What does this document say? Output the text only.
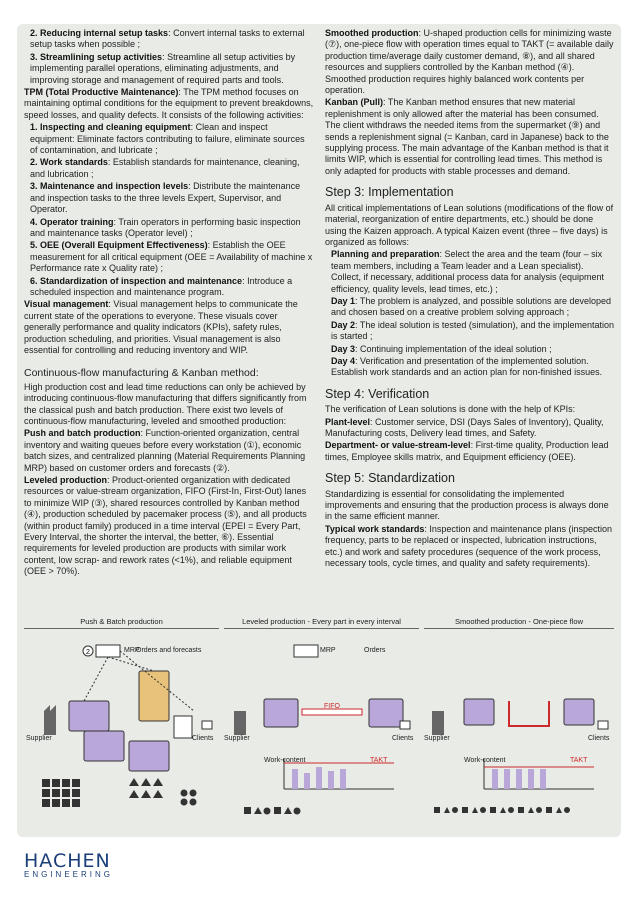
2. Reducing internal setup tasks: Convert internal tasks to external setup tasks when possible ;

3. Streamlining setup activities: Streamline all setup activities by implementing parallel operations, eliminating adjustments, and improving storage and management of required parts and tools.

TPM (Total Productive Maintenance): The TPM method focuses on maintaining optimal conditions for the equipment to prevent breakdowns, speed losses, and quality defects. It consists of the following activities:

1. Inspecting and cleaning equipment: Clean and inspect equipment: Eliminate factors contributing to failure, eliminate sources of contamination, and lubricate ;

2. Work standards: Establish standards for maintenance, cleaning, and lubrication ;

3. Maintenance and inspection levels: Distribute the maintenance and inspection tasks to the three levels Expert, Supervisor, and Operator.

4. Operator training: Train operators in performing basic inspection and maintenance tasks (Operator level) ;

5. OEE (Overall Equipment Effectiveness): Establish the OEE measurement for all critical equipment (OEE = Availability of machine x Performance rate x Quality rate) ;

6. Standardization of inspection and maintenance: Introduce a scheduled inspection and maintenance program.

Visual management: Visual management helps to communicate the current state of the operations to everyone. These visuals cover generally performance and quality indicators (KPIs), safety rules, production scheduling, and priorities. Visual management is also essential for controlling and reducing inventory and WIP.

Continuous-flow manufacturing & Kanban method:

High production cost and lead time reductions can only be achieved by introducing continuous-flow manufacturing that differs significantly from the classical push and batch production. There exist two levels of continuous-flow manufacturing, leveled and smoothed production:

Push and batch production: Function-oriented organization, central inventory and waiting queues before every workstation (①), economic batch sizes, and centralized planning (Material Requirements Planning MRP) based on customer orders and forecasts (②).

Leveled production: Product-oriented organization with dedicated resources or value-stream organization, FIFO (First-In, First-Out) lanes to minimize WIP (③), shared resources controlled by Kanban method (④), production scheduled by pacemaker process (⑤), and all products (within product family) produced in a time interval (EPEI = Every Part, Every Interval, the shorter the interval, the better, ⑥). Essential requirements for leveled production are products with similar work content, low scrap- and rework rates (<1%), and reliable equipment (OEE > 70%).

Smoothed production: U-shaped production cells for minimizing waste (⑦), one-piece flow with operation times equal to TAKT (= available daily production time/average daily customer demand, ⑧), and all shared resources and suppliers controlled by the Kanban method (④). Smoothed production requires highly balanced work contents per operation.

Kanban (Pull): The Kanban method ensures that new material replenishment is only allowed after the material has been consumed. The client withdraws the needed items from the supermarket (⑨) and sends a replenishment signal (= Kanban, card in Japanese) back to the supplying process. The main advantage of the Kanban method is that it limits WIP, which is essential for controlling lead times. This method is only adapted for products with stable processes and demand.

Step 3: Implementation

All critical implementations of Lean solutions (modifications of the flow of material, reorganization of entire departments, etc.) should be done using the Kaizen approach. A typical Kaizen event (three – five days) is organized as follows:

Planning and preparation: Select the area and the team (four – six team members, including a Team leader and a Lean specialist). Collect, if necessary, additional process data for analysis (equipment efficiency, quality levels, lead times, etc.) ;

Day 1: The problem is analyzed, and possible solutions are developed and chosen based on a creative problem solving approach ;

Day 2: The ideal solution is tested (simulation), and the implementation is started ;

Day 3: Continuing implementation of the ideal solution ;

Day 4: Verification and presentation of the implemented solution. Establish work standards and an action plan for non-finished issues.

Step 4: Verification

The verification of Lean solutions is done with the help of KPIs:

Plant-level: Customer service, DSI (Days Sales of Inventory), Quality, Manufacturing costs, Delivery lead times, and Safety.

Department- or value-stream-level: First-time quality, Production lead times, Employee skills matrix, and Equipment efficiency (OEE).

Step 5: Standardization

Standardizing is essential for consolidating the implemented improvements and ensuring that the production process is always done in the same efficient manner.

Typical work standards: Inspection and maintenance plans (inspection frequency, parts to be replaced or inspected, lubrication instructions, etc.) and work and safety procedures (sequence of the work process, necessary tools, cycle times, and quality and safety requirements).

Push & Batch production
2	MRP
Orders and forecasts
Supplier	Clients
Leveled production - Every part in every interval
MRP	Orders
FIFO
Supplier	Clients
Work-content	TAKT
Smoothed production - One-piece flow
Supplier	Clients
Work-content	TAKT
HACHEN
ENGINEERING
